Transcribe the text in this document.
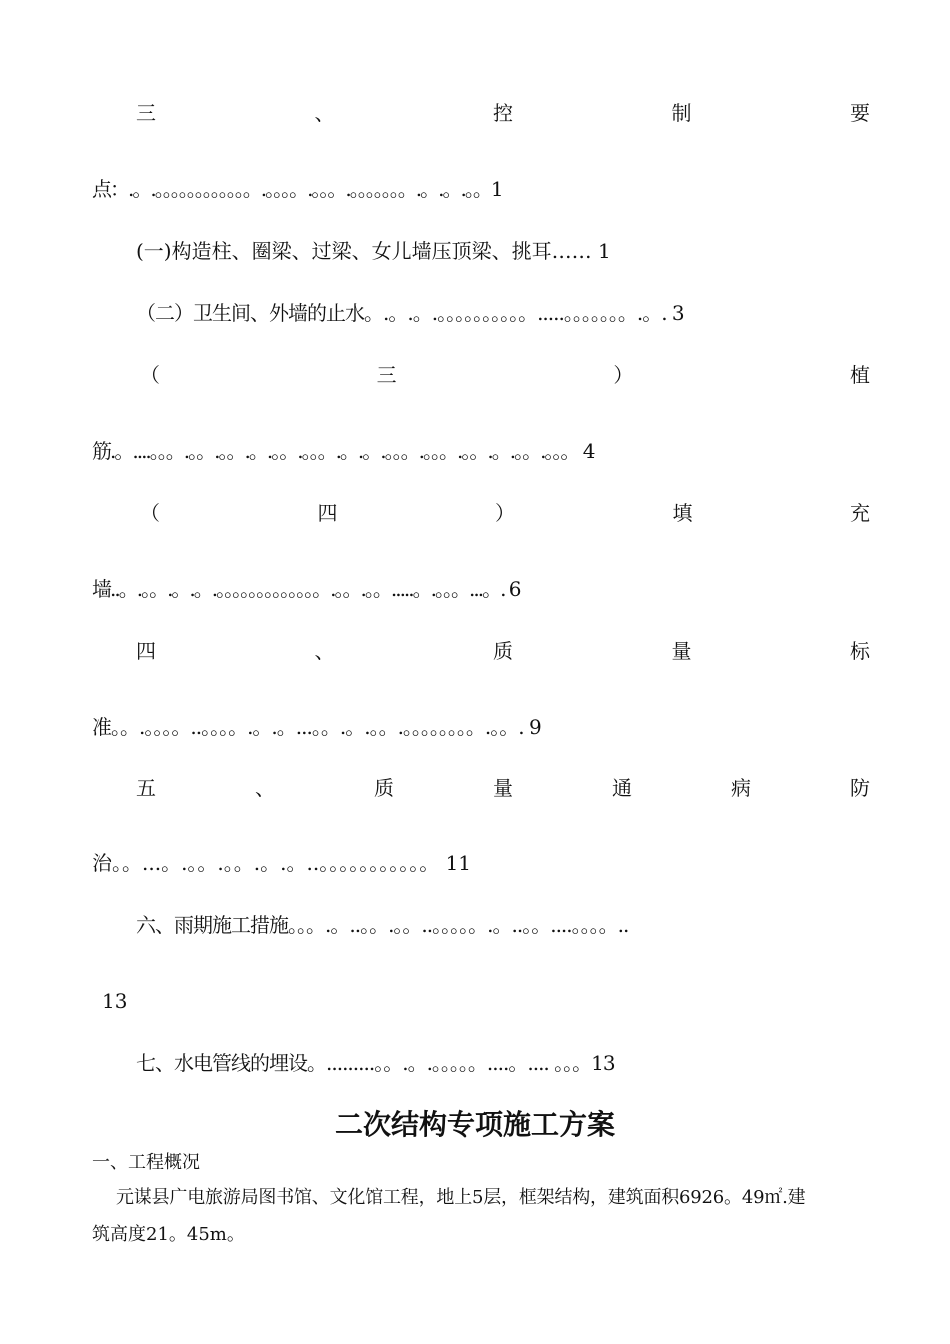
三	、	控	制	要
点：.。.。。。。。。。。。。。。.。。。。.。。。.。。。。。。。.。.。.。。1
(一)构造柱、圈梁、过梁、女儿墙压顶梁、挑耳…… 1
（二）卫生间、外墙的止水。.。.。.。。。。。。。。。。.....。。。。。。。.。. 3
（	三	）	植
筋.。....。。。.。。.。。.。.。。.。。。.。.。.。。。.。。。.。。.。.。。.。。。 4
（	四	）	填	充
墙..。.。。.。.。.。。。。。。。。。。。。。.。。.。。.....。.。。。...。. 6
四	、	质	量	标
准。。.。。。。..。。。。.。.。...。。.。.。。.。。。。。。。。.。。. 9
五	、	质	量	通	病	防
治。。...。.。。.。。.。.。..。。。。。。。。。。。 11
六、雨期施工措施。。。.。..。。.。。..。。。。。.。..。。....。。。。..
13
七、水电管线的埋设。.........。。.。.。。。。。....。.... 。。。13
二次结构专项施工方案
一、工程概况
元谋县广电旅游局图书馆、文化馆工程，地上5层，框架结构，建筑面积6926。49㎡.建
筑高度21。45m。
